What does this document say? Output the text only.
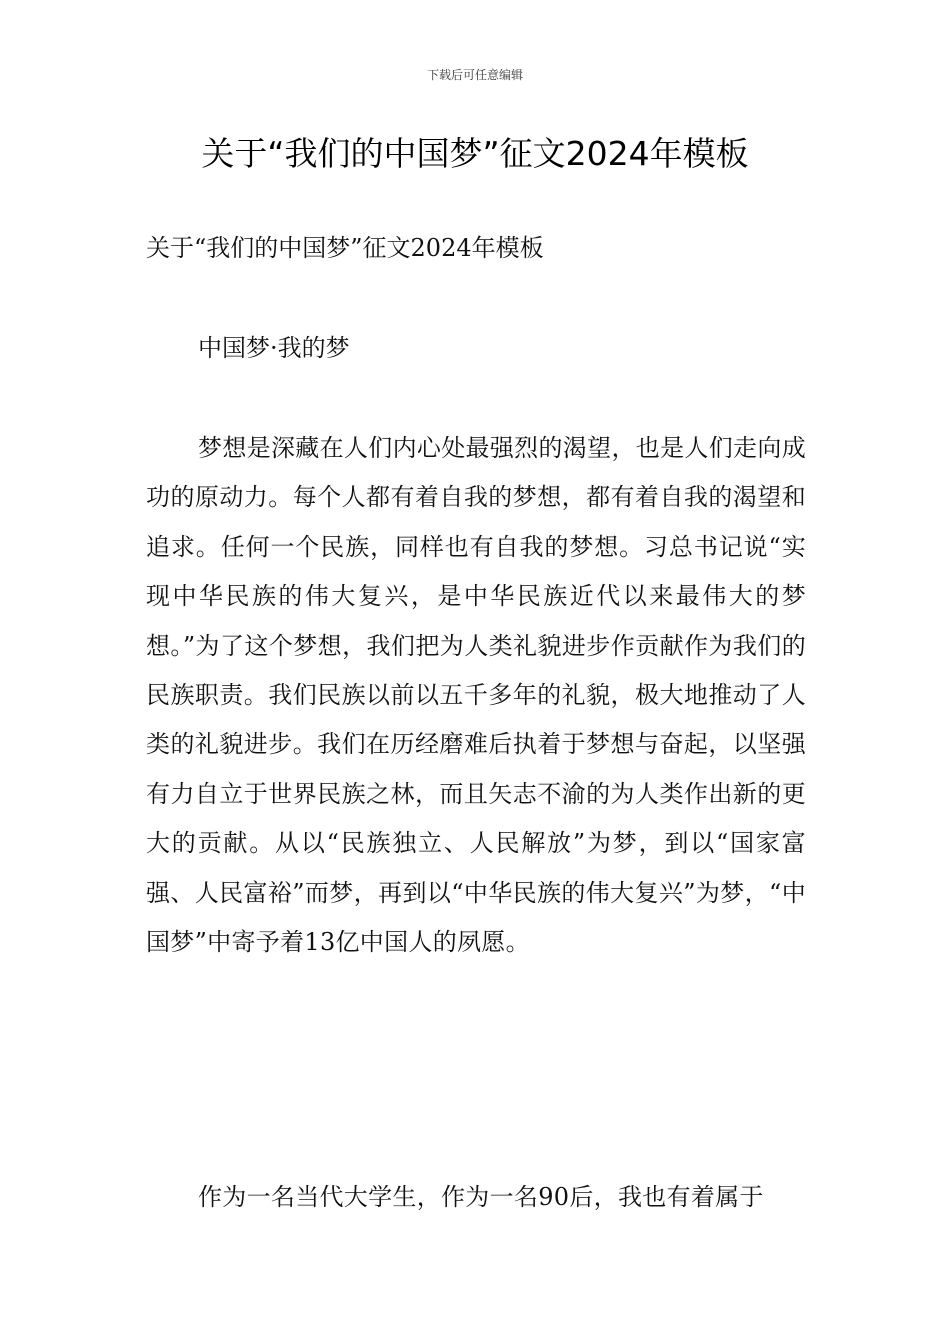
下载后可任意编辑
关于“我们的中国梦”征文2024年模板

关于“我们的中国梦”征文2024年模板

中国梦·我的梦

梦想是深藏在人们内心处最强烈的渴望，也是人们走向成功的原动力。每个人都有着自我的梦想，都有着自我的渴望和追求。任何一个民族，同样也有自我的梦想。习总书记说“实现中华民族的伟大复兴，是中华民族近代以来最伟大的梦想。”为了这个梦想，我们把为人类礼貌进步作贡献作为我们的民族职责。我们民族以前以五千多年的礼貌，极大地推动了人类的礼貌进步。我们在历经磨难后执着于梦想与奋起，以坚强有力自立于世界民族之林，而且矢志不渝的为人类作出新的更大的贡献。从以“民族独立、人民解放”为梦，到以“国家富强、人民富裕”而梦，再到以“中华民族的伟大复兴”为梦，“中国梦”中寄予着13亿中国人的夙愿。

作为一名当代大学生，作为一名90后，我也有着属于
